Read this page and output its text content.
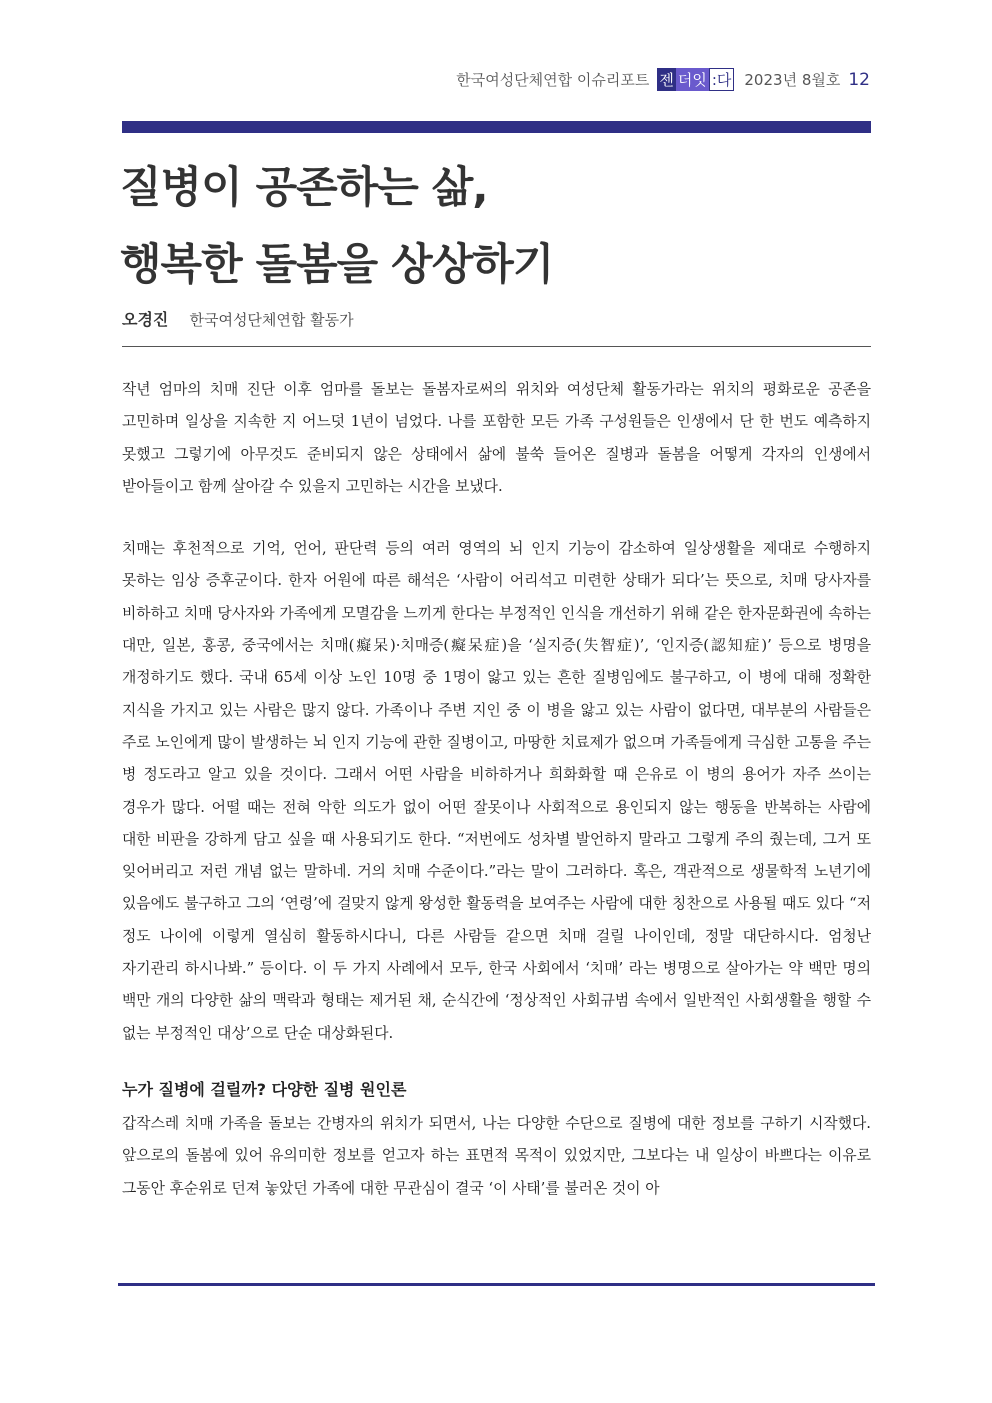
한국여성단체연합 이슈리포트 젠 더잇 :다 2023년 8월호 12
질병이 공존하는 삶,
행복한 돌봄을 상상하기
오경진 한국여성단체연합 활동가

작년 엄마의 치매 진단 이후 엄마를 돌보는 돌봄자로써의 위치와 여성단체 활동가라는 위치의 평화로운 공존을 고민하며 일상을 지속한 지 어느덧 1년이 넘었다. 나를 포함한 모든 가족 구성원들은 인생에서 단 한 번도 예측하지 못했고 그렇기에 아무것도 준비되지 않은 상태에서 삶에 불쑥 들어온 질병과 돌봄을 어떻게 각자의 인생에서 받아들이고 함께 살아갈 수 있을지 고민하는 시간을 보냈다.

치매는 후천적으로 기억, 언어, 판단력 등의 여러 영역의 뇌 인지 기능이 감소하여 일상생활을 제대로 수행하지 못하는 임상 증후군이다. 한자 어원에 따른 해석은 ‘사람이 어리석고 미련한 상태가 되다’는 뜻으로, 치매 당사자를 비하하고 치매 당사자와 가족에게 모멸감을 느끼게 한다는 부정적인 인식을 개선하기 위해 같은 한자문화권에 속하는 대만, 일본, 홍콩, 중국에서는 치매(癡呆)·치매증(癡呆症)을 ‘실지증(失智症)’, ‘인지증(認知症)’ 등으로 병명을 개정하기도 했다. 국내 65세 이상 노인 10명 중 1명이 앓고 있는 흔한 질병임에도 불구하고, 이 병에 대해 정확한 지식을 가지고 있는 사람은 많지 않다. 가족이나 주변 지인 중 이 병을 앓고 있는 사람이 없다면, 대부분의 사람들은 주로 노인에게 많이 발생하는 뇌 인지 기능에 관한 질병이고, 마땅한 치료제가 없으며 가족들에게 극심한 고통을 주는 병 정도라고 알고 있을 것이다. 그래서 어떤 사람을 비하하거나 희화화할 때 은유로 이 병의 용어가 자주 쓰이는 경우가 많다. 어떨 때는 전혀 악한 의도가 없이 어떤 잘못이나 사회적으로 용인되지 않는 행동을 반복하는 사람에 대한 비판을 강하게 담고 싶을 때 사용되기도 한다. “저번에도 성차별 발언하지 말라고 그렇게 주의 줬는데, 그거 또 잊어버리고 저런 개념 없는 말하네. 거의 치매 수준이다.”라는 말이 그러하다. 혹은, 객관적으로 생물학적 노년기에 있음에도 불구하고 그의 ‘연령’에 걸맞지 않게 왕성한 활동력을 보여주는 사람에 대한 칭찬으로 사용될 때도 있다 “저 정도 나이에 이렇게 열심히 활동하시다니, 다른 사람들 같으면 치매 걸릴 나이인데, 정말 대단하시다. 엄청난 자기관리 하시나봐.” 등이다. 이 두 가지 사례에서 모두, 한국 사회에서 ‘치매’ 라는 병명으로 살아가는 약 백만 명의 백만 개의 다양한 삶의 맥락과 형태는 제거된 채, 순식간에 ‘정상적인 사회규범 속에서 일반적인 사회생활을 행할 수 없는 부정적인 대상’으로 단순 대상화된다.

누가 질병에 걸릴까? 다양한 질병 원인론

갑작스레 치매 가족을 돌보는 간병자의 위치가 되면서, 나는 다양한 수단으로 질병에 대한 정보를 구하기 시작했다. 앞으로의 돌봄에 있어 유의미한 정보를 얻고자 하는 표면적 목적이 있었지만, 그보다는 내 일상이 바쁘다는 이유로 그동안 후순위로 던져 놓았던 가족에 대한 무관심이 결국 ‘이 사태’를 불러온 것이 아
